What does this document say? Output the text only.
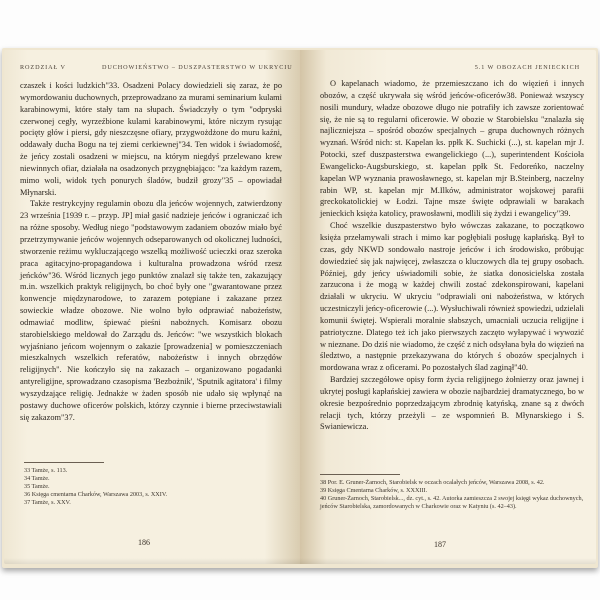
ROZDZIAŁ V	DUCHOWIEŃSTWO – DUSZPASTERSTWO W UKRYCIU

czaszek i kości ludzkich"33. Osadzeni Polacy dowiedzieli się zaraz, że po wymordowaniu duchownych, przeprowadzano za murami seminarium kulami karabinowymi, które stały tam na słupach. Świadczyły o tym "odpryski czerwonej cegły, wyrzeźbione kulami karabinowymi, które niczym rysując pocięty głów i piersi, gdy nieszczęsne ofiary, przygwożdżone do muru kaźni, oddawały ducha Bogu na tej ziemi cerkiewnej"34. Ten widok i świadomość, że jeńcy zostali osadzeni w miejscu, na którym niegdyś przelewano krew niewinnych ofiar, działała na osadzonych przygnębiająco: "za każdym razem, mimo woli, widok tych ponurych śladów, budził grozy"35 – opowiadał Młynarski.

Także restrykcyjny regulamin obozu dla jeńców wojennych, zatwierdzony 23 września [1939 r. – przyp. JP] miał gasić nadzieje jeńców i ograniczać ich na różne sposoby. Według niego "podstawowym zadaniem obozów miało być przetrzymywanie jeńców wojennych odseparowanych od okolicznej ludności, stworzenie reżimu wykluczającego wszelką możliwość ucieczki oraz szeroka praca agitacyjno-propagandowa i kulturalna prowadzona wśród rzesz jeńcków"36. Wśród licznych jego punktów znalazł się także ten, zakazujący m.in. wszelkich praktyk religijnych, bo choć były one "gwarantowane przez konwencje międzynarodowe, to zarazem potępiane i zakazane przez sowieckie władze obozowe. Nie wolno było odprawiać nabożeństw, odmawiać modlitw, śpiewać pieśni nabożnych. Komisarz obozu starobielskiego meldował do Zarządu ds. Jeńców: "we wszystkich blokach wyjaśniano jeńcom wojennym o zakazie [prowadzenia] w pomieszczeniach mieszkalnych wszelkich referatów, nabożeństw i innych obrzędów religijnych". Nie kończyło się na zakazach – organizowano pogadanki antyreligijne, sprowadzano czasopisma 'Bezbożnik', 'Sputnik agitatora' i filmy wyszydzające religię. Jednakże w żaden sposób nie udało się wpłynąć na postawy duchowe oficerów polskich, którzy czynnie i bierne przeciwstawiali się zakazom"37.

33 Tamże, s. 113.
34 Tamże.
35 Tamże.
36 Księga cmentarna Charków, Warszawa 2003, s. XXIV.
37 Tamże, s. XXV.
186
5.1 W OBOZACH JENIECKICH

O kapelanach wiadomo, że przemieszczano ich do więzień i innych obozów, a część ukrywała się wśród jeńców-oficerów38. Ponieważ wszyscy nosili mundury, władze obozowe długo nie potrafiły ich zawsze zorientować się, że nie są to regularni oficerowie. W obozie w Starobielsku "znalazła się najliczniejsza – spośród obozów specjalnych – grupa duchownych różnych wyznań. Wśród nich: st. Kapelan ks. ppłk K. Suchicki (...), st. kapelan mjr J. Potocki, szef duszpasterstwa ewangelickiego (...), superintendent Kościoła Ewangelicko-Augsburskiego, st. kapelan ppłk St. Fedoreńko, naczelny kapelan WP wyznania prawosławnego, st. kapelan mjr B.Steinberg, naczelny rabin WP, st. kapelan mjr M.Ilków, administrator wojskowej parafii greckokatolickiej w Łodzi. Tajne msze święte odprawiali w barakach jenieckich księża katolicy, prawosławni, modlili się żydzi i ewangelicy"39.

Choć wszelkie duszpasterstwo było wówczas zakazane, to początkowo księża przełamywali strach i mimo kar pogłębiali posługę kapłańską. Był to czas, gdy NKWD sondowało nastroje jeńców i ich środowisko, próbując dowiedzieć się jak najwięcej, zwłaszcza o kluczowych dla tej grupy osobach. Później, gdy jeńcy uświadomili sobie, że siatka donosicielska została zarzucona i że mogą w każdej chwili zostać zdekonspirowani, kapelani działali w ukryciu. W ukryciu "odprawiali oni nabożeństwa, w których uczestniczyli jeńcy-oficerowie (...). Wysłuchiwali również spowiedzi, udzielali komunii świętej. Wspierali moralnie słabszych, umacniali uczucia religijne i patriotyczne. Dlatego też ich jako pierwszych zaczęto wyłapywać i wywozić w nieznane. Do dziś nie wiadomo, że część z nich odsyłana była do więzień na śledztwo, a następnie przekazywana do których ś obozów specjalnych i mordowana wraz z oficerami. Po pozostałych ślad zaginął"40.

Bardziej szczegółowe opisy form życia religijnego żołnierzy oraz jawnej i ukrytej posługi kapłańskiej zawiera w obozie najbardziej dramatycznego, bo w okresie bezpośrednio poprzedzającym zbrodnię katyńską, znane są z dwóch relacji tych, którzy przeżyli – ze wspomnień B. Młynarskiego i S. Swianiewicza.

38 Por. E. Gruner-Żarnoch, Starobielsk w oczach ocalałych jeńców, Warszawa 2008, s. 42.
39 Księga Cmentarna Charków, s. XXXIII.
40 Gruner-Żarnoch, Starobielsk..., dz. cyt., s. 42. Autorka zamieszcza 2 swojej księgi wykaz duchownych, jeńców Starobielska, zamordowanych w Charkowie oraz w Katyniu (s. 42–43).
187
